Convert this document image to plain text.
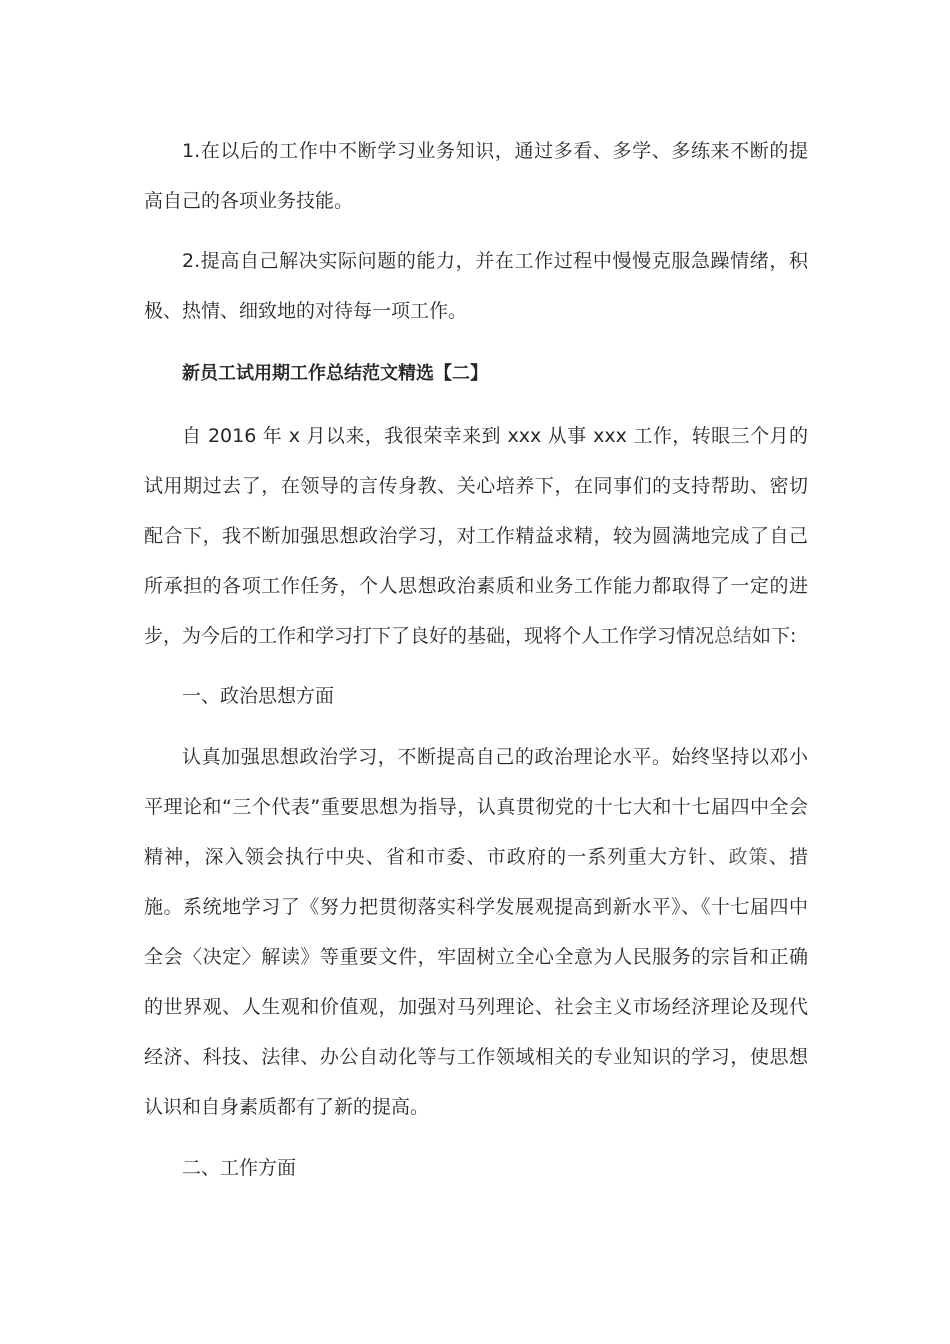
1.在以后的工作中不断学习业务知识，通过多看、多学、多练来不断的提高自己的各项业务技能。

2.提高自己解决实际问题的能力，并在工作过程中慢慢克服急躁情绪，积极、热情、细致地的对待每一项工作。

新员工试用期工作总结范文精选【二】

自 2016 年 x 月以来，我很荣幸来到 xxx 从事 xxx 工作，转眼三个月的试用期过去了，在领导的言传身教、关心培养下，在同事们的支持帮助、密切配合下，我不断加强思想政治学习，对工作精益求精，较为圆满地完成了自己所承担的各项工作任务，个人思想政治素质和业务工作能力都取得了一定的进步，为今后的工作和学习打下了良好的基础，现将个人工作学习情况总结如下:

一、政治思想方面

认真加强思想政治学习，不断提高自己的政治理论水平。始终坚持以邓小平理论和“三个代表”重要思想为指导，认真贯彻党的十七大和十七届四中全会精神，深入领会执行中央、省和市委、市政府的一系列重大方针、政策、措施。系统地学习了《努力把贯彻落实科学发展观提高到新水平》、《十七届四中全会〈决定〉解读》等重要文件，牢固树立全心全意为人民服务的宗旨和正确的世界观、人生观和价值观，加强对马列理论、社会主义市场经济理论及现代经济、科技、法律、办公自动化等与工作领域相关的专业知识的学习，使思想认识和自身素质都有了新的提高。

二、工作方面
